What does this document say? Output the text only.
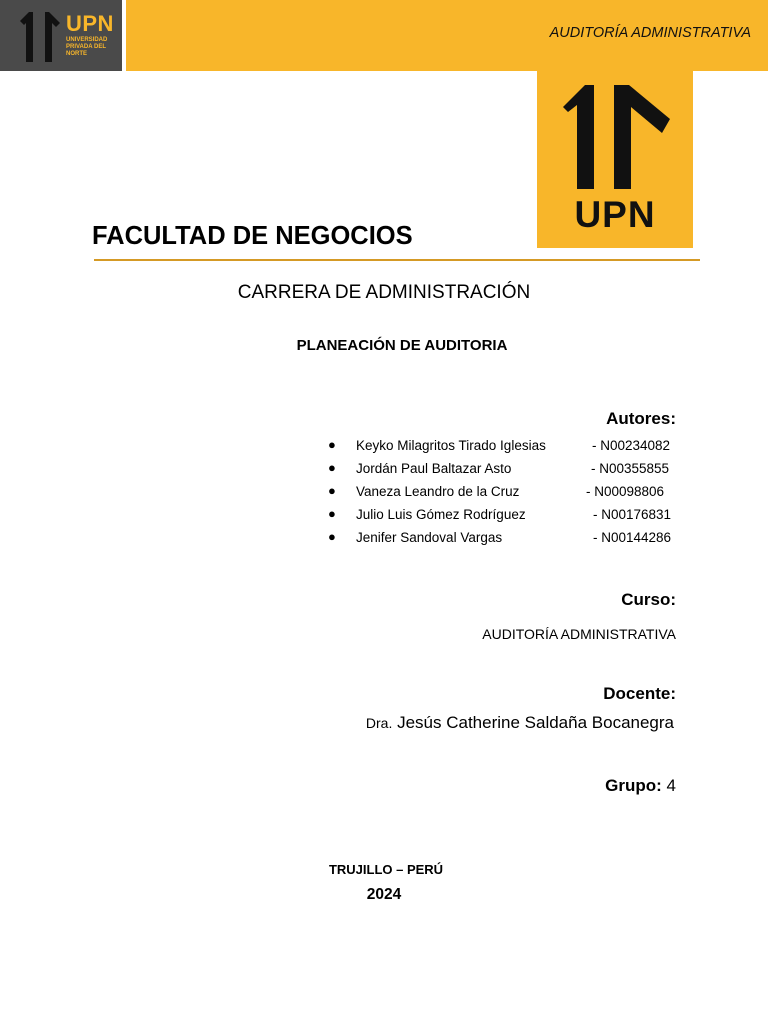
UPN
UNIVERSIDAD PRIVADA DEL NORTE
AUDITORÍA ADMINISTRATIVA
UPN
FACULTAD DE NEGOCIOS
CARRERA DE ADMINISTRACIÓN
PLANEACIÓN DE AUDITORIA
Autores:
● Keyko Milagritos Tirado Iglesias	- N00234082
● Jordán Paul Baltazar Asto	- N00355855
● Vaneza Leandro de la Cruz	- N00098806
● Julio Luis Gómez Rodríguez	- N00176831
● Jenifer Sandoval Vargas	- N00144286
Curso:
AUDITORÍA ADMINISTRATIVA
Docente:
Dra. Jesús Catherine Saldaña Bocanegra
Grupo: 4
TRUJILLO – PERÚ
2024
